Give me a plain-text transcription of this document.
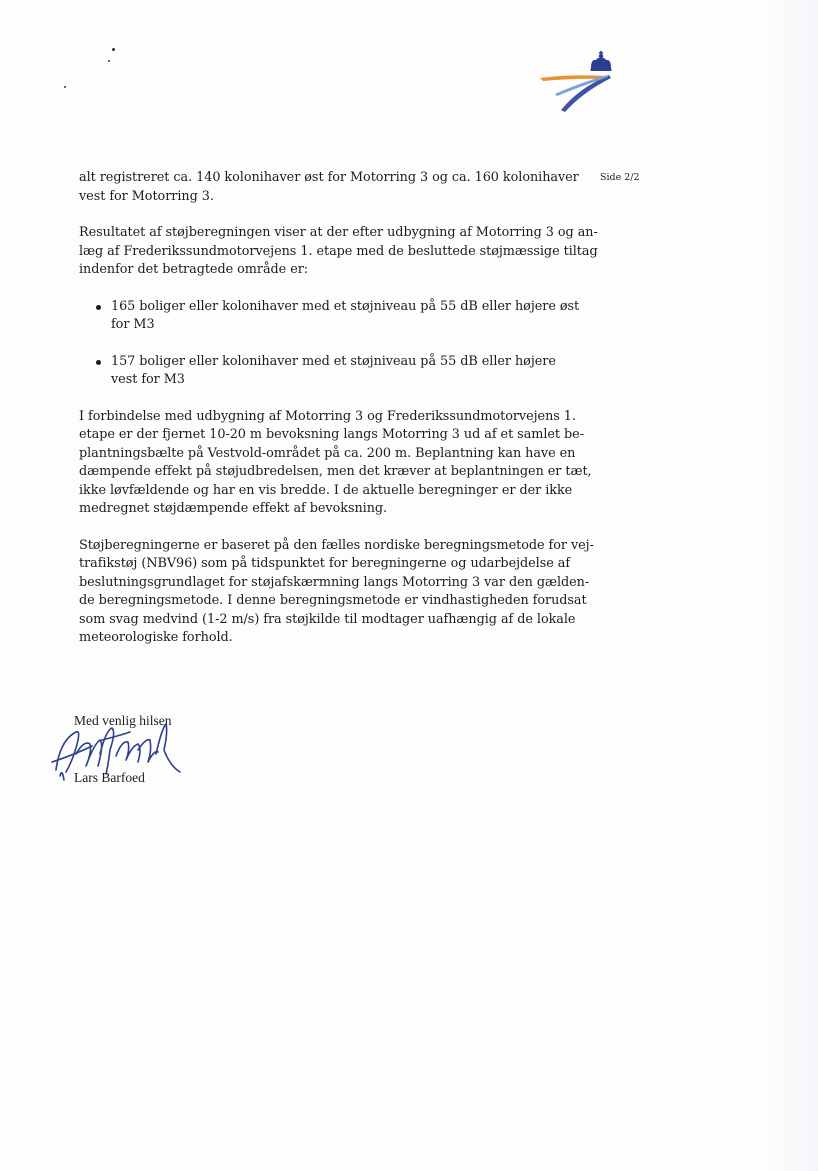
Side 2/2

alt registreret ca. 140 kolonihaver øst for Motorring 3 og ca. 160 kolonihaver
vest for Motorring 3.

Resultatet af støjberegningen viser at der efter udbygning af Motorring 3 og an-
læg af Frederikssundmotorvejens 1. etape med de besluttede støjmæssige tiltag
indenfor det betragtede område er:

165 boliger eller kolonihaver med et støjniveau på 55 dB eller højere øst
for M3
157 boliger eller kolonihaver med et støjniveau på 55 dB eller højere
vest for M3

I forbindelse med udbygning af Motorring 3 og Frederikssundmotorvejens 1.
etape er der fjernet 10-20 m bevoksning langs Motorring 3 ud af et samlet be-
plantningsbælte på Vestvold-området på ca. 200 m. Beplantning kan have en
dæmpende effekt på støjudbredelsen, men det kræver at beplantningen er tæt,
ikke løvfældende og har en vis bredde. I de aktuelle beregninger er der ikke
medregnet støjdæmpende effekt af bevoksning.

Støjberegningerne er baseret på den fælles nordiske beregningsmetode for vej-
trafikstøj (NBV96) som på tidspunktet for beregningerne og udarbejdelse af
beslutningsgrundlaget for støjafskærmning langs Motorring 3 var den gælden-
de beregningsmetode. I denne beregningsmetode er vindhastigheden forudsat
som svag medvind (1-2 m/s) fra støjkilde til modtager uafhængig af de lokale
meteorologiske forhold.

Med venlig hilsen
Lars Barfoed
